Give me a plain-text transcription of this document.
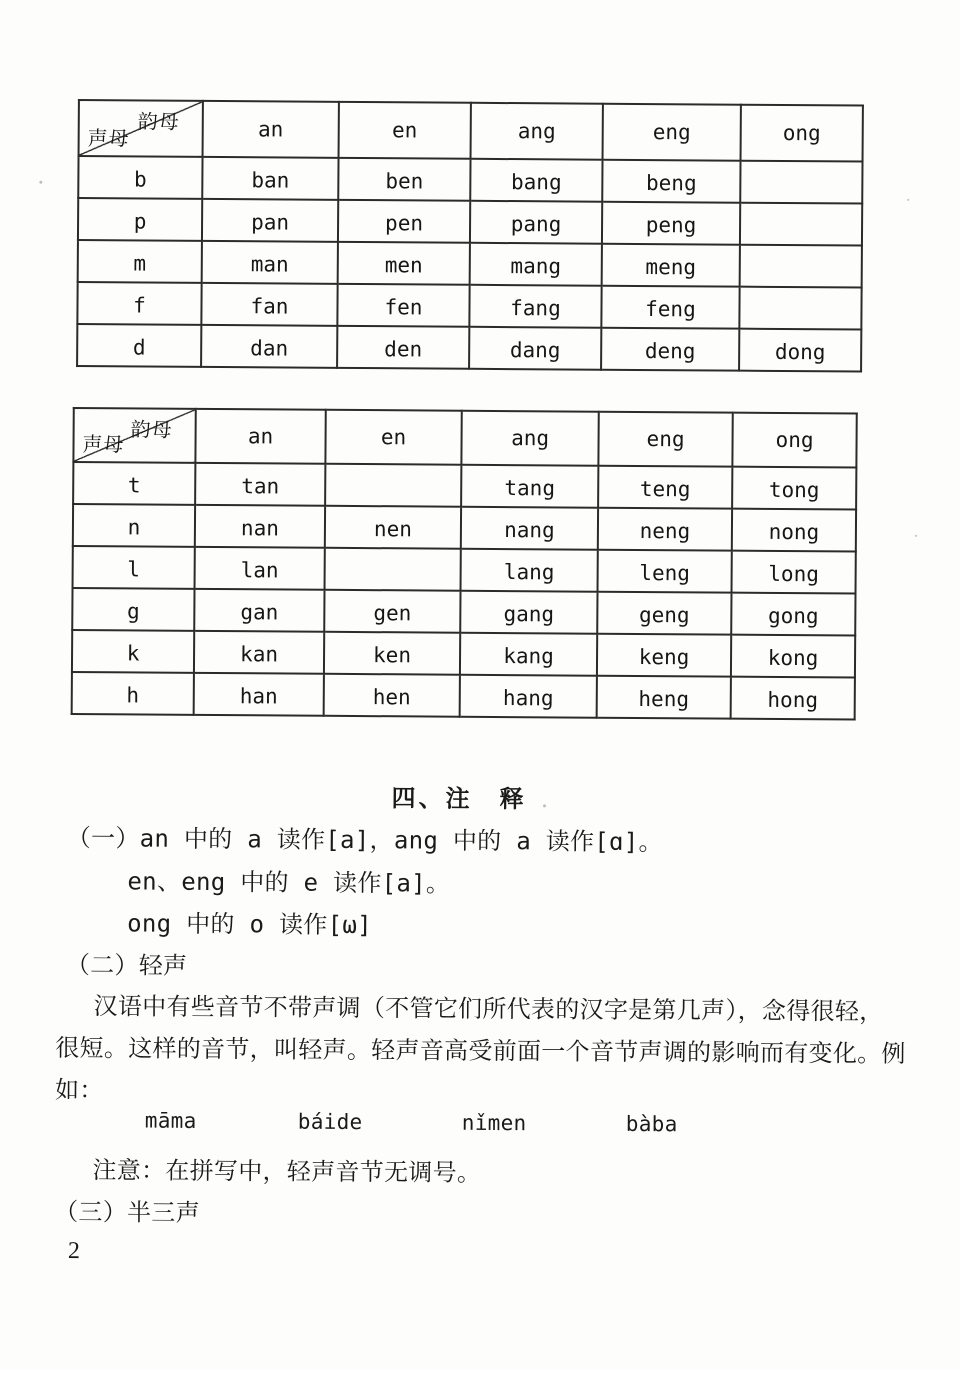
韵母
声母	an	en	ang	eng	ong
b	ban	ben	bang	beng	
p	pan	pen	pang	peng	
m	man	men	mang	meng	
f	fan	fen	fang	feng	
d	dan	den	dang	deng	dong
韵母
声母	an	en	ang	eng	ong
t	tan		tang	teng	tong
n	nan	nen	nang	neng	nong
l	lan		lang	leng	long
g	gan	gen	gang	geng	gong
k	kan	ken	kang	keng	kong
h	han	hen	hang	heng	hong
四、注　释
（一）an 中的 a 读作[a]，ang 中的 a 读作[ɑ]。
en、eng 中的 e 读作[a]。
ong 中的 o 读作[ω]
（二）轻声
汉语中有些音节不带声调（不管它们所代表的汉字是第几声），念得很轻，
很短。这样的音节，叫轻声。轻声音高受前面一个音节声调的影响而有变化。例
如：
māma	báide	nǐmen	bàba
注意：在拼写中，轻声音节无调号。
（三）半三声
2
